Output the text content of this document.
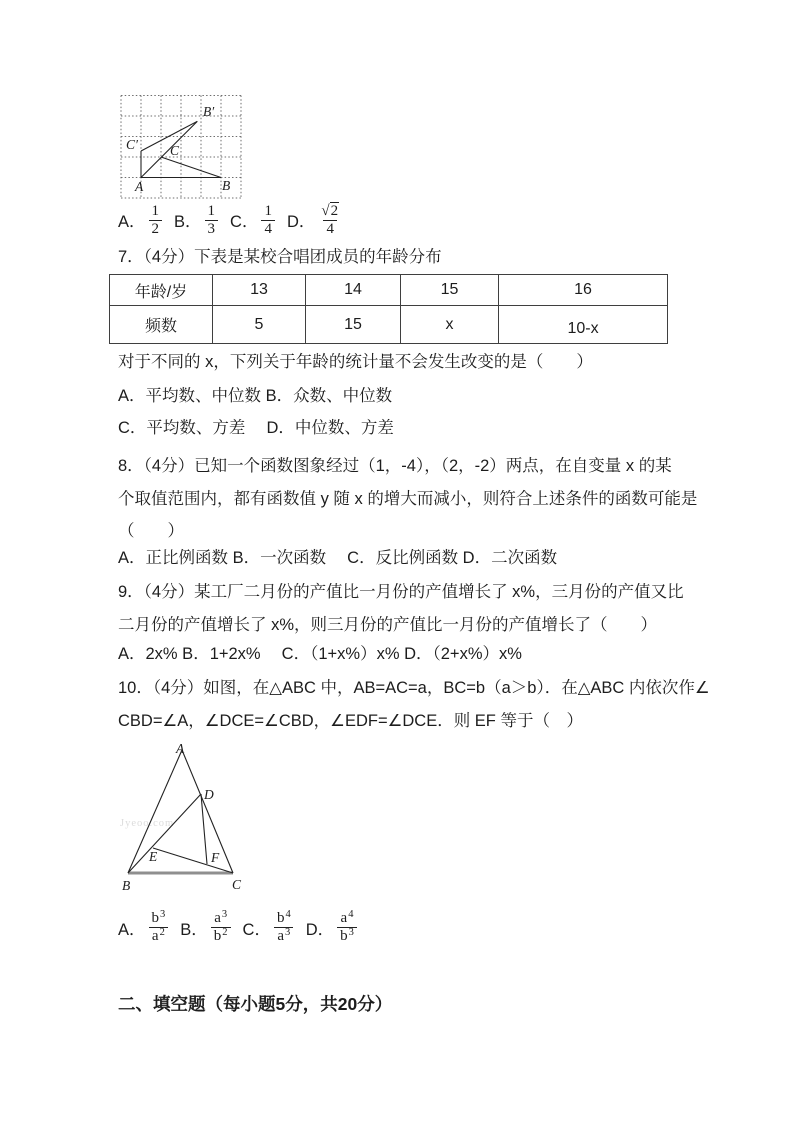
A	B
C
B′
C′
A． $\frac{1}{2}$ B． $\frac{1}{3}$ C． $\frac{1}{4}$ D． $\frac{√2}{4}$
7．（4分）下表是某校合唱团成员的年龄分布
年龄/岁	13	14	15	16
频数	5	15	x	10-x
对于不同的 x，下列关于年龄的统计量不会发生改变的是（　　）
A．平均数、中位数 B．众数、中位数
C．平均数、方差　 D．中位数、方差
8．（4分）已知一个函数图象经过（1，-4），（2，-2）两点，在自变量 x 的某
个取值范围内，都有函数值 y 随 x 的增大而减小，则符合上述条件的函数可能是
（　　）
A．正比例函数 B．一次函数　 C．反比例函数 D．二次函数
9．（4分）某工厂二月份的产值比一月份的产值增长了 x%，三月份的产值又比
二月份的产值增长了 x%，则三月份的产值比一月份的产值增长了（　　）
A．2x% B．1+2x%　 C．（1+x%）x% D．（2+x%）x%
10．（4分）如图，在△ABC 中，AB=AC=a，BC=b（a＞b）．在△ABC 内依次作∠
CBD=∠A，∠DCE=∠CBD，∠EDF=∠DCE．则 EF 等于（　）
Jyeoo.com
A
B	C
D
E	F
A． $\frac{b^3}{a^2}$ B． $\frac{a^3}{b^2}$ C． $\frac{b^4}{a^3}$ D． $\frac{a^4}{b^3}$
二、填空题（每小题5分，共20分）
